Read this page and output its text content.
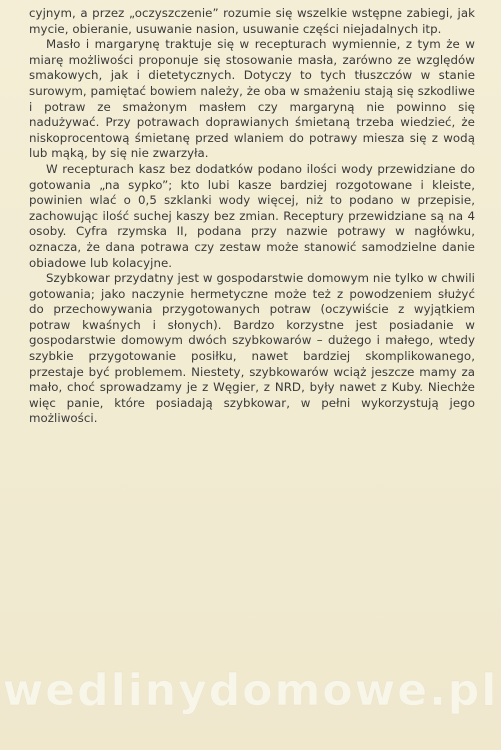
cyjnym, a przez „oczyszczenie” rozumie się wszelkie wstępne zabiegi, jak mycie, obieranie, usuwanie nasion, usuwanie części niejadalnych itp.

Masło i margarynę traktuje się w recepturach wymiennie, z tym że w miarę możliwości proponuje się stosowanie masła, zarówno ze względów smakowych, jak i dietetycznych. Dotyczy to tych tłuszczów w stanie surowym, pamiętać bowiem należy, że oba w smażeniu stają się szkodliwe i potraw ze smażonym masłem czy margaryną nie powinno się nadużywać. Przy potrawach doprawianych śmietaną trzeba wiedzieć, że niskoprocentową śmietanę przed wlaniem do potrawy miesza się z wodą lub mąką, by się nie zwarzyła.

W recepturach kasz bez dodatków podano ilości wody przewidziane do gotowania „na sypko”; kto lubi kasze bardziej rozgotowane i kleiste, powinien wlać o 0,5 szklanki wody więcej, niż to podano w przepisie, zachowując ilość suchej kaszy bez zmian. Receptury przewidziane są na 4 osoby. Cyfra rzymska II, podana przy nazwie potrawy w nagłówku, oznacza, że dana potrawa czy zestaw może stanowić samodzielne danie obiadowe lub kolacyjne.

Szybkowar przydatny jest w gospodarstwie domowym nie tylko w chwili gotowania; jako naczynie hermetyczne może też z powodzeniem służyć do przechowywania przygotowanych potraw (oczywiście z wyjątkiem potraw kwaśnych i słonych). Bardzo korzystne jest posiadanie w gospodarstwie domowym dwóch szybkowarów – dużego i małego, wtedy szybkie przygotowanie posiłku, nawet bardziej skomplikowanego, przestaje być problemem. Niestety, szybkowarów wciąż jeszcze mamy za mało, choć sprowadzamy je z Węgier, z NRD, były nawet z Kuby. Niechże więc panie, które posiadają szybkowar, w pełni wykorzystują jego możliwości.

wedlinydomowe.pl
